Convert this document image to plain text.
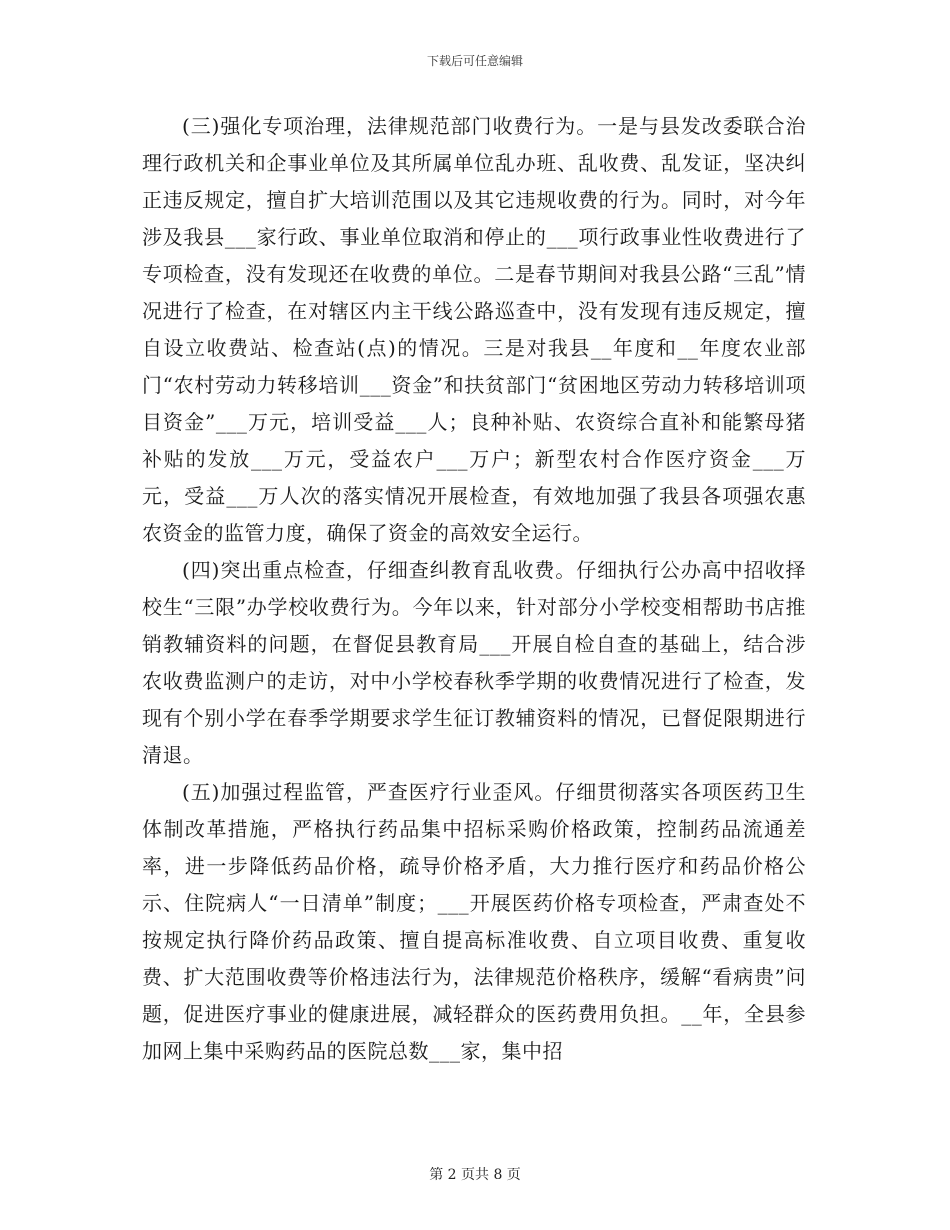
下载后可任意编辑

(三)强化专项治理，法律规范部门收费行为。一是与县发改委联合治理行政机关和企事业单位及其所属单位乱办班、乱收费、乱发证，坚决纠正违反规定，擅自扩大培训范围以及其它违规收费的行为。同时，对今年涉及我县___家行政、事业单位取消和停止的___项行政事业性收费进行了专项检查，没有发现还在收费的单位。二是春节期间对我县公路“三乱”情况进行了检查，在对辖区内主干线公路巡查中，没有发现有违反规定，擅自设立收费站、检查站(点)的情况。三是对我县__年度和__年度农业部门“农村劳动力转移培训___资金”和扶贫部门“贫困地区劳动力转移培训项目资金”___万元，培训受益___人；良种补贴、农资综合直补和能繁母猪补贴的发放___万元，受益农户___万户；新型农村合作医疗资金___万元，受益___万人次的落实情况开展检查，有效地加强了我县各项强农惠农资金的监管力度，确保了资金的高效安全运行。

(四)突出重点检查，仔细查纠教育乱收费。仔细执行公办高中招收择校生“三限”办学校收费行为。今年以来，针对部分小学校变相帮助书店推销教辅资料的问题，在督促县教育局___开展自检自查的基础上，结合涉农收费监测户的走访，对中小学校春秋季学期的收费情况进行了检查，发现有个别小学在春季学期要求学生征订教辅资料的情况，已督促限期进行清退。

(五)加强过程监管，严查医疗行业歪风。仔细贯彻落实各项医药卫生体制改革措施，严格执行药品集中招标采购价格政策，控制药品流通差率，进一步降低药品价格，疏导价格矛盾，大力推行医疗和药品价格公示、住院病人“一日清单”制度；___开展医药价格专项检查，严肃查处不按规定执行降价药品政策、擅自提高标准收费、自立项目收费、重复收费、扩大范围收费等价格违法行为，法律规范价格秩序，缓解“看病贵”问题，促进医疗事业的健康进展，减轻群众的医药费用负担。__年，全县参加网上集中采购药品的医院总数___家，集中招

第 2 页共 8 页
